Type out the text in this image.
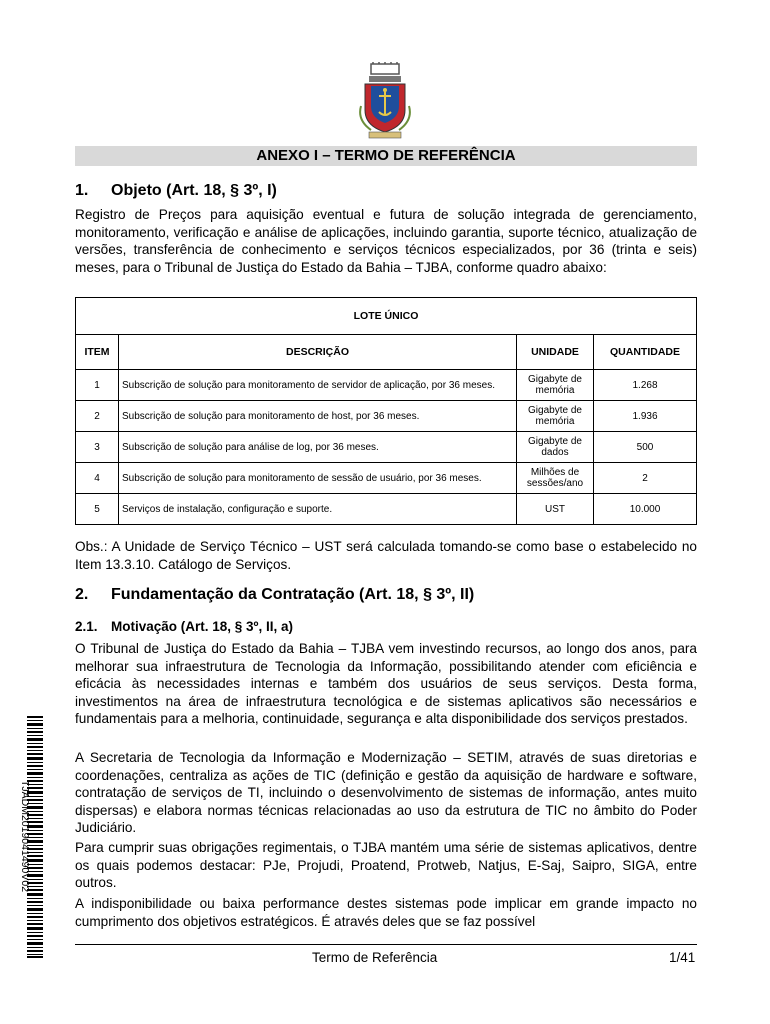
ANEXO I – TERMO DE REFERÊNCIA
1. Objeto (Art. 18, § 3º, I)
Registro de Preços para aquisição eventual e futura de solução integrada de gerenciamento, monitoramento, verificação e análise de aplicações, incluindo garantia, suporte técnico, atualização de versões, transferência de conhecimento e serviços técnicos especializados, por 36 (trinta e seis) meses, para o Tribunal de Justiça do Estado da Bahia – TJBA, conforme quadro abaixo:
LOTE ÚNICO			
ITEM	DESCRIÇÃO	UNIDADE	QUANTIDADE
1	Subscrição de solução para monitoramento de servidor de aplicação, por 36 meses.	Gigabyte de memória	1.268
2	Subscrição de solução para monitoramento de host, por 36 meses.	Gigabyte de memória	1.936
3	Subscrição de solução para análise de log, por 36 meses.	Gigabyte de dados	500
4	Subscrição de solução para monitoramento de sessão de usuário, por 36 meses.	Milhões de sessões/ano	2
5	Serviços de instalação, configuração e suporte.	UST	10.000
Obs.: A Unidade de Serviço Técnico – UST será calculada tomando-se como base o estabelecido no Item 13.3.10. Catálogo de Serviços.
2. Fundamentação da Contratação (Art. 18, § 3º, II)
2.1. Motivação (Art. 18, § 3º, II, a)
O Tribunal de Justiça do Estado da Bahia – TJBA vem investindo recursos, ao longo dos anos, para melhorar sua infraestrutura de Tecnologia da Informação, possibilitando atender com eficiência e eficácia às necessidades internas e também dos usuários de seus serviços. Desta forma, investimentos na área de infraestrutura tecnológica e de sistemas aplicativos são necessários e fundamentais para a melhoria, continuidade, segurança e alta disponibilidade dos serviços prestados.
A Secretaria de Tecnologia da Informação e Modernização – SETIM, através de suas diretorias e coordenações, centraliza as ações de TIC (definição e gestão da aquisição de hardware e software, contratação de serviços de TI, incluindo o desenvolvimento de sistemas de informação, antes muito dispersas) e elabora normas técnicas relacionadas ao uso da estrutura de TIC no âmbito do Poder Judiciário.
Para cumprir suas obrigações regimentais, o TJBA mantém uma série de sistemas aplicativos, dentre os quais podemos destacar: PJe, Projudi, Proatend, Protweb, Natjus, E-Saj, Saipro, SIGA, entre outros.
A indisponibilidade ou baixa performance destes sistemas pode implicar em grande impacto no cumprimento dos objetivos estratégicos. É através deles que se faz possível
Termo de Referência	1/41
TJADM2019041490V02
